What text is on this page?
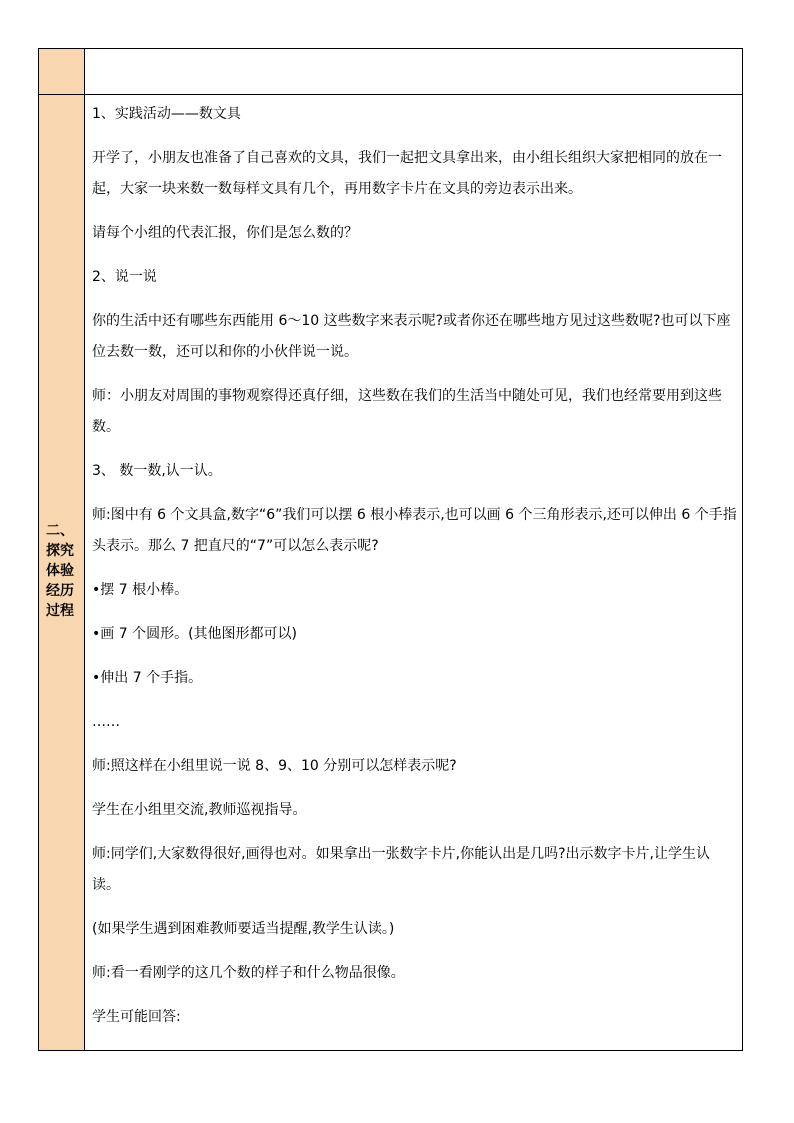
二、
探究
体验
经历
过程

1、实践活动——数文具

开学了，小朋友也准备了自己喜欢的文具，我们一起把文具拿出来，由小组长组织大家把相同的放在一起，大家一块来数一数每样文具有几个，再用数字卡片在文具的旁边表示出来。

请每个小组的代表汇报，你们是怎么数的？

2、说一说

你的生活中还有哪些东西能用 6～10 这些数字来表示呢?或者你还在哪些地方见过这些数呢?也可以下座位去数一数，还可以和你的小伙伴说一说。

师：小朋友对周围的事物观察得还真仔细，这些数在我们的生活当中随处可见，我们也经常要用到这些数。

3、 数一数,认一认。

师:图中有 6 个文具盒,数字“6”我们可以摆 6 根小棒表示,也可以画 6 个三角形表示,还可以伸出 6 个手指头表示。那么 7 把直尺的“7”可以怎么表示呢?

•摆 7 根小棒。

•画 7 个圆形。(其他图形都可以)

•伸出 7 个手指。

……

师:照这样在小组里说一说 8、9、10 分别可以怎样表示呢?

学生在小组里交流,教师巡视指导。

师:同学们,大家数得很好,画得也对。如果拿出一张数字卡片,你能认出是几吗?出示数字卡片,让学生认读。

(如果学生遇到困难教师要适当提醒,教学生认读。)

师:看一看刚学的这几个数的样子和什么物品很像。

学生可能回答:
